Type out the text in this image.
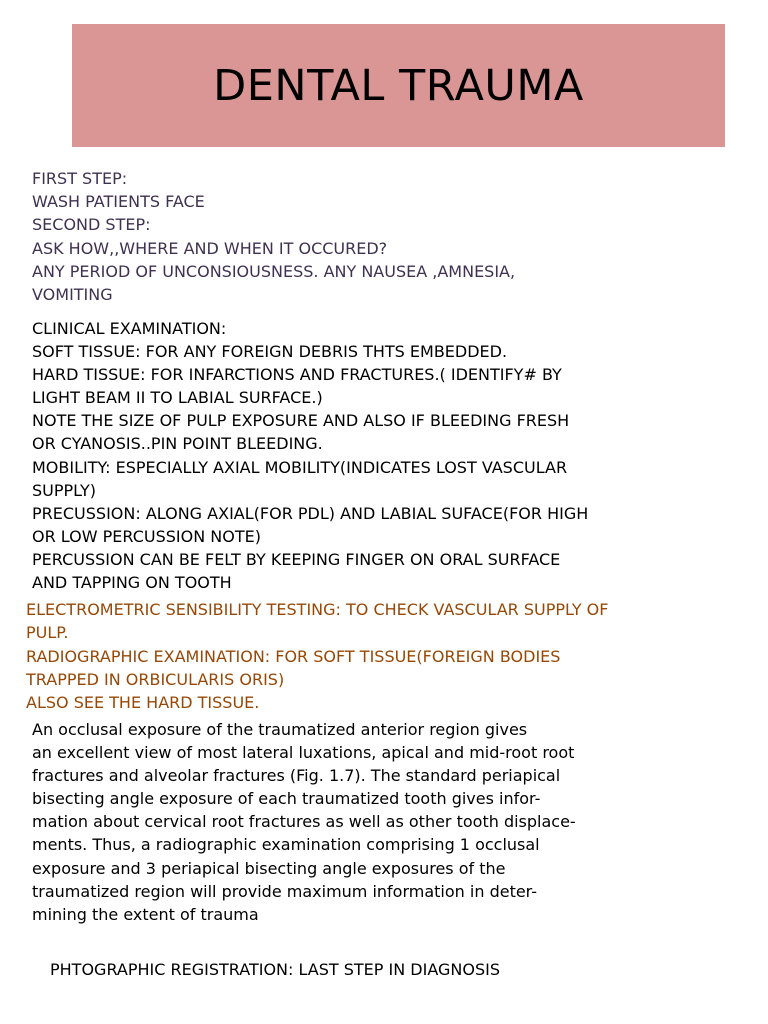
DENTAL TRAUMA
FIRST STEP:
WASH PATIENTS FACE
SECOND STEP:
ASK HOW,,WHERE AND WHEN IT OCCURED?
ANY PERIOD OF UNCONSIOUSNESS. ANY NAUSEA ,AMNESIA,
VOMITING
CLINICAL EXAMINATION:
SOFT TISSUE: FOR ANY FOREIGN DEBRIS THTS EMBEDDED.
HARD TISSUE: FOR INFARCTIONS AND FRACTURES.( IDENTIFY# BY
LIGHT BEAM II TO LABIAL SURFACE.)
NOTE THE SIZE OF PULP EXPOSURE AND ALSO IF BLEEDING FRESH
OR CYANOSIS..PIN POINT BLEEDING.
MOBILITY: ESPECIALLY AXIAL MOBILITY(INDICATES LOST VASCULAR
SUPPLY)
PRECUSSION: ALONG AXIAL(FOR PDL) AND LABIAL SUFACE(FOR HIGH
OR LOW PERCUSSION NOTE)
PERCUSSION CAN BE FELT BY KEEPING FINGER ON ORAL SURFACE
AND TAPPING ON TOOTH
ELECTROMETRIC SENSIBILITY TESTING: TO CHECK VASCULAR SUPPLY OF
PULP.
RADIOGRAPHIC EXAMINATION: FOR SOFT TISSUE(FOREIGN BODIES
TRAPPED IN ORBICULARIS ORIS)
ALSO SEE THE HARD TISSUE.
An occlusal exposure of the traumatized anterior region gives
an excellent view of most lateral luxations, apical and mid-root root
fractures and alveolar fractures (Fig. 1.7). The standard periapical
bisecting angle exposure of each traumatized tooth gives infor-
mation about cervical root fractures as well as other tooth displace-
ments. Thus, a radiographic examination comprising 1 occlusal
exposure and 3 periapical bisecting angle exposures of the
traumatized region will provide maximum information in deter-
mining the extent of trauma
PHTOGRAPHIC REGISTRATION: LAST STEP IN DIAGNOSIS
